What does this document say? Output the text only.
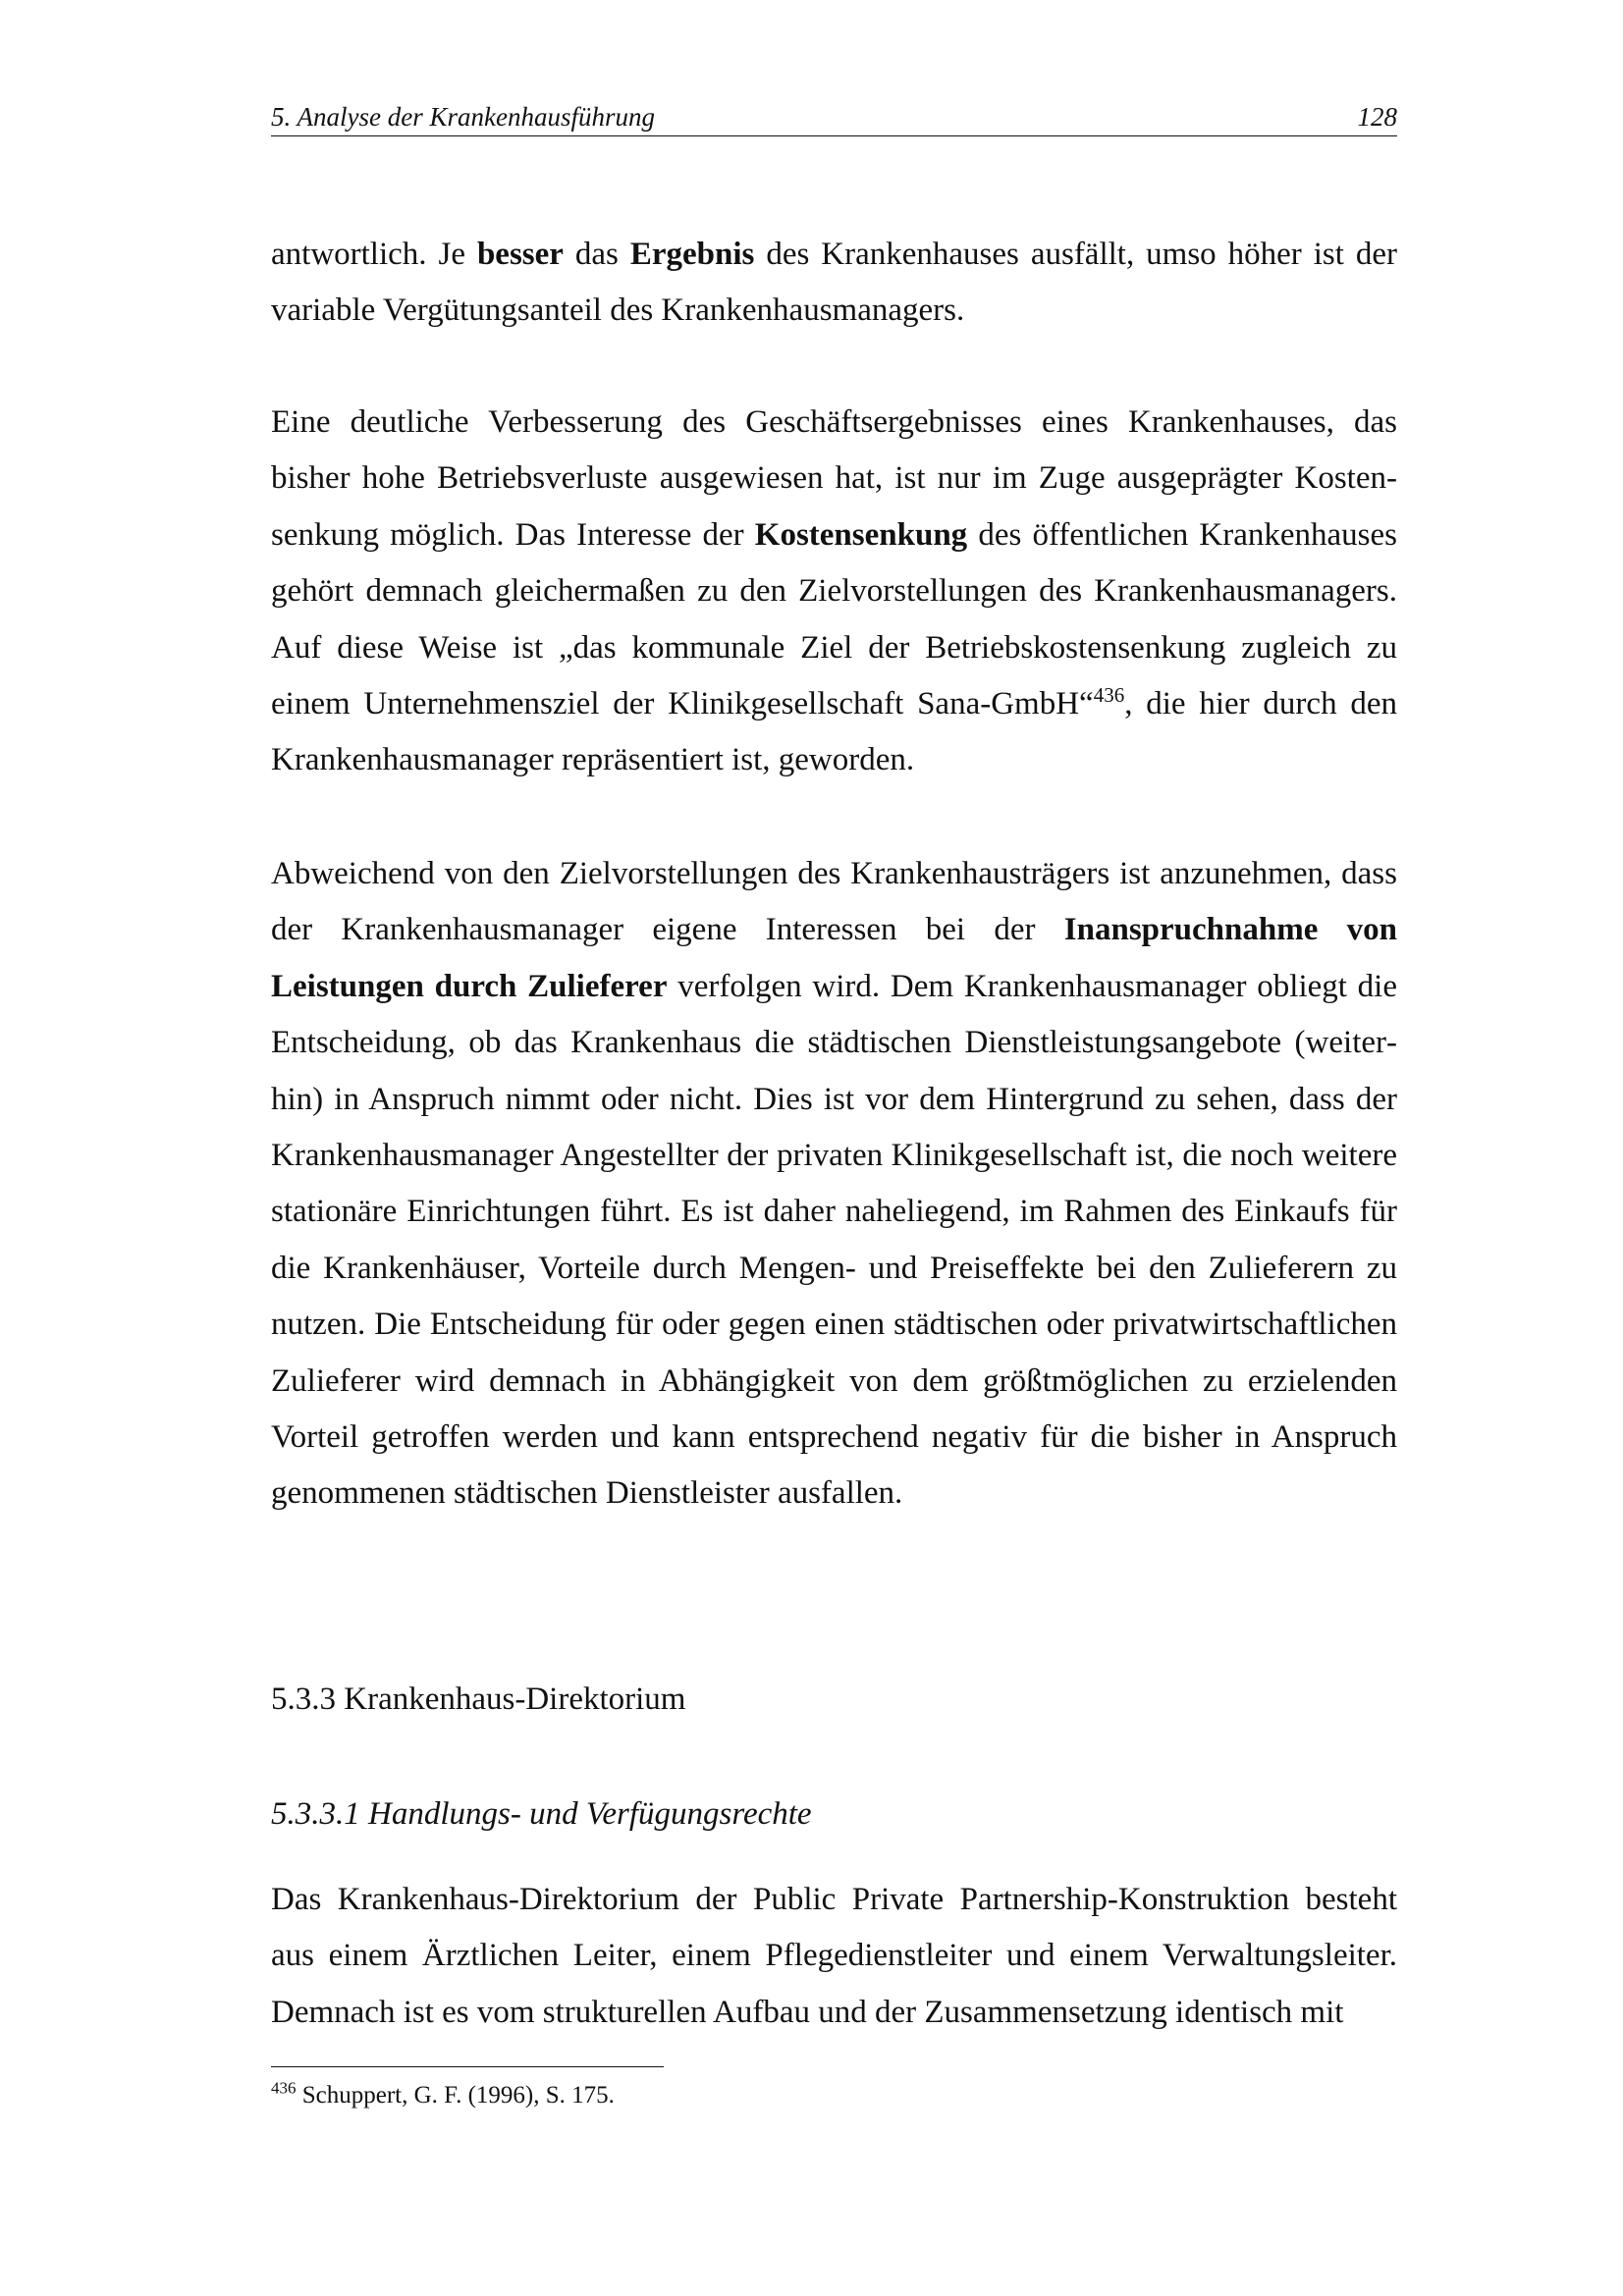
5. Analyse der Krankenhausführung	128

antwortlich. Je besser das Ergebnis des Krankenhauses ausfällt, umso höher ist der variable Vergütungsanteil des Krankenhausmanagers.

Eine deutliche Verbesserung des Geschäftsergebnisses eines Krankenhauses, das bisher hohe Betriebsverluste ausgewiesen hat, ist nur im Zuge ausgeprägter Kostensenkung möglich. Das Interesse der Kostensenkung des öffentlichen Krankenhauses gehört demnach gleichermaßen zu den Zielvorstellungen des Krankenhausmanagers. Auf diese Weise ist „das kommunale Ziel der Betriebskostensenkung zugleich zu einem Unternehmensziel der Klinikgesellschaft Sana-GmbH“$^{436}$, die hier durch den Krankenhausmanager repräsentiert ist, geworden.

Abweichend von den Zielvorstellungen des Krankenhausträgers ist anzunehmen, dass der Krankenhausmanager eigene Interessen bei der Inanspruchnahme von Leistungen durch Zulieferer verfolgen wird. Dem Krankenhausmanager obliegt die Entscheidung, ob das Krankenhaus die städtischen Dienstleistungsangebote (weiterhin) in Anspruch nimmt oder nicht. Dies ist vor dem Hintergrund zu sehen, dass der Krankenhausmanager Angestellter der privaten Klinikgesellschaft ist, die noch weitere stationäre Einrichtungen führt. Es ist daher naheliegend, im Rahmen des Einkaufs für die Krankenhäuser, Vorteile durch Mengen- und Preiseffekte bei den Zulieferern zu nutzen. Die Entscheidung für oder gegen einen städtischen oder privatwirtschaftlichen Zulieferer wird demnach in Abhängigkeit von dem größtmöglichen zu erzielenden Vorteil getroffen werden und kann entsprechend negativ für die bisher in Anspruch genommenen städtischen Dienstleister ausfallen.

5.3.3 Krankenhaus-Direktorium
5.3.3.1 Handlungs- und Verfügungsrechte

Das Krankenhaus-Direktorium der Public Private Partnership-Konstruktion besteht aus einem Ärztlichen Leiter, einem Pflegedienstleiter und einem Verwaltungsleiter. Demnach ist es vom strukturellen Aufbau und der Zusammensetzung identisch mit

$^{436}$ Schuppert, G. F. (1996), S. 175.
